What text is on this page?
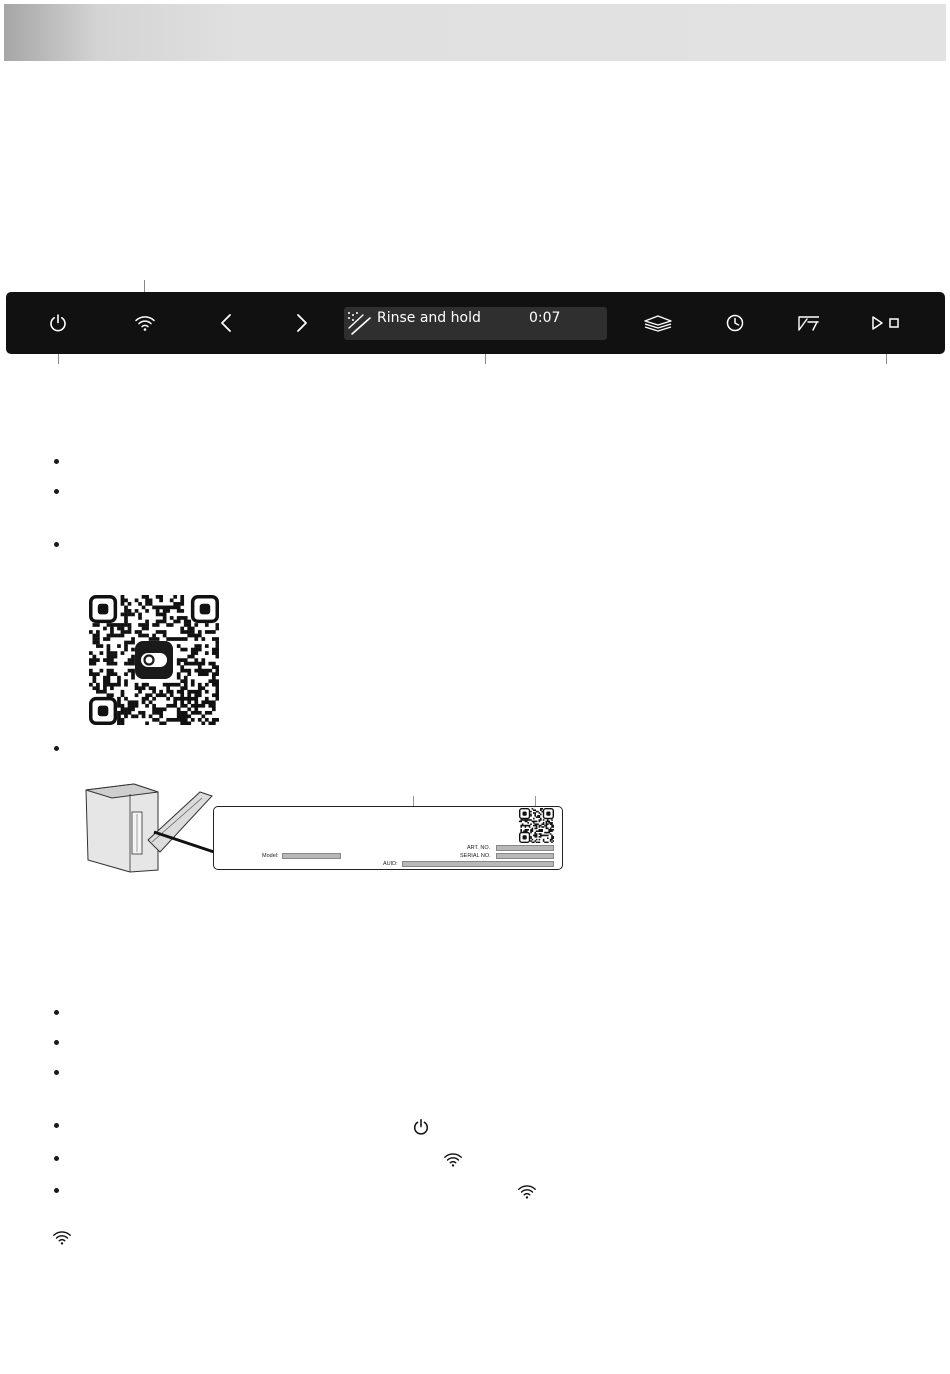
Rinse and hold	0:07
Model:
ART. NO.
SERIAL NO.
AUID:
